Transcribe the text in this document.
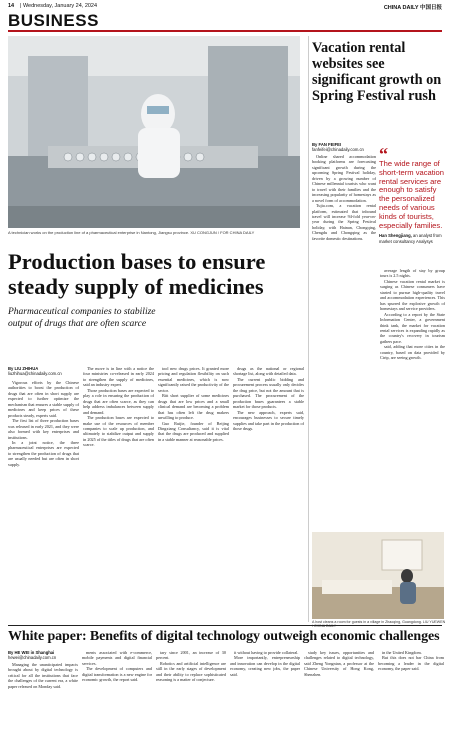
14 | Wednesday, January 24, 2024	CHINA DAILY 中国日报
BUSINESS
A technician works on the production line of a pharmaceutical enterprise in Nantong, Jiangsu province. XU CONGJUN / FOR CHINA DAILY
Production bases to ensure steady supply of medicines
Pharmaceutical companies to stabilize output of drugs that are often scarce
By LIU ZHIHUA
liuzhihua@chinadaily.com.cn

Vigorous efforts by the Chinese authorities to boost the production of drugs that are often in short supply are expected to further optimize the mechanism that ensures a stable supply of medicines and keep prices of these products steady, experts said.

The first list of three production bases was released in early 2021, and they were also formed with key enterprises and institutions.

In a joint notice, the three pharmaceutical enterprises are expected to strengthen the production of drugs that are usually needed but are often in short supply.

The move is in line with a notice the four ministries co-released in early 2024 to strengthen the supply of medicines, said an industry expert.

Those production bases are expected to play a role in ensuring the production of drugs that are often scarce, as they can help address imbalances between supply and demand.

The production bases are expected to make use of the resources of member companies to scale up production, and ultimately to stabilize output and supply in 2025 of the titles of drugs that are often scarce.

tool new drugs prices. It granted more pricing and regulation flexibility on such essential medicines, which is now significantly raised the productivity of the sector.

Bitt short supplier of some medicines drugs that are low prices and a small clinical demand are becoming a problem that has often left the drug makers unwilling to produce.

Guo Ruijie, founder of Beijing Dingxiang Consultancy, said it is vital that the drugs are produced and supplied in a stable manner at reasonable prices.

drugs as the national or regional shortage list, along with detailed data.

The current public bidding and procurement process usually only decides the drug price, but not the amount that is purchased. The procurement of the production bases guarantees a stable market for those products.

The new approach, experts said, encourages businesses to secure timely supplies and take part in the production of those drugs.

Vacation rental websites see significant growth on Spring Festival rush
By FAN FEIFEI
fanfeifei@chinadaily.com.cn

Online shared accommodation booking platforms are forecasting significant growth during the upcoming Spring Festival holiday, driven by a growing number of Chinese millennial tourists who want to travel with their families and the increasing popularity of homestays as a novel form of accommodation.

Tujia.com, a vacation rental platform, estimated that inbound travel will increase 94-fold year-on-year during the Spring Festival holiday, with Hainan, Chongqing, Chengdu and Chongqing as the favorite domestic destinations.

“
The wide range of short-term vacation rental services are enough to satisfy the personalized needs of various kinds of tourists, especially families.
Han Shengjiang, an analyst from market consultancy Analysys

average length of stay by group tours is 2.5 nights.

Chinese vacation rental market is surging as Chinese consumers have started to pursue high-quality travel and accommodation experiences. This has spurred the explosive growth of homestays and service providers.

According to a report by the State Information Center, a government think tank, the market for vacation rental services is expanding rapidly as the country's recovery in tourism gathers pace.

said, adding that more cities in the country, based on data provided by Ctrip, are seeing growth.

A host cleans a room for guests in a village in Zhaoqing, Guangdong. LIU YUEWEN / CHINA DAILY
White paper: Benefits of digital technology outweigh economic challenges
By HE WEI in Shanghai
hewei@chinadaily.com.cn

Managing the unanticipated impacts brought about by digital technology is critical for all the institutions that face the challenges of the current era, a white paper released on Monday said.

ments associated with e-commerce, mobile payments and digital financial services.

The development of computers and digital transformation is a new engine for economic growth, the report said.

tary since 2001, an increase of 30 percent.

Robotics and artificial intelligence are still in the early stages of development and their ability to replace sophisticated reasoning is a matter of conjecture.

it without having to provide collateral.

More importantly, entrepreneurship and innovation can develop in the digital economy, creating new jobs, the paper said.

study key issues, opportunities and challenges related to digital technology, said Zheng Yongnian, a professor at the Chinese University of Hong Kong, Shenzhen.

in the United Kingdom.

But this does not bar China from becoming a leader in the digital economy, the paper said.
